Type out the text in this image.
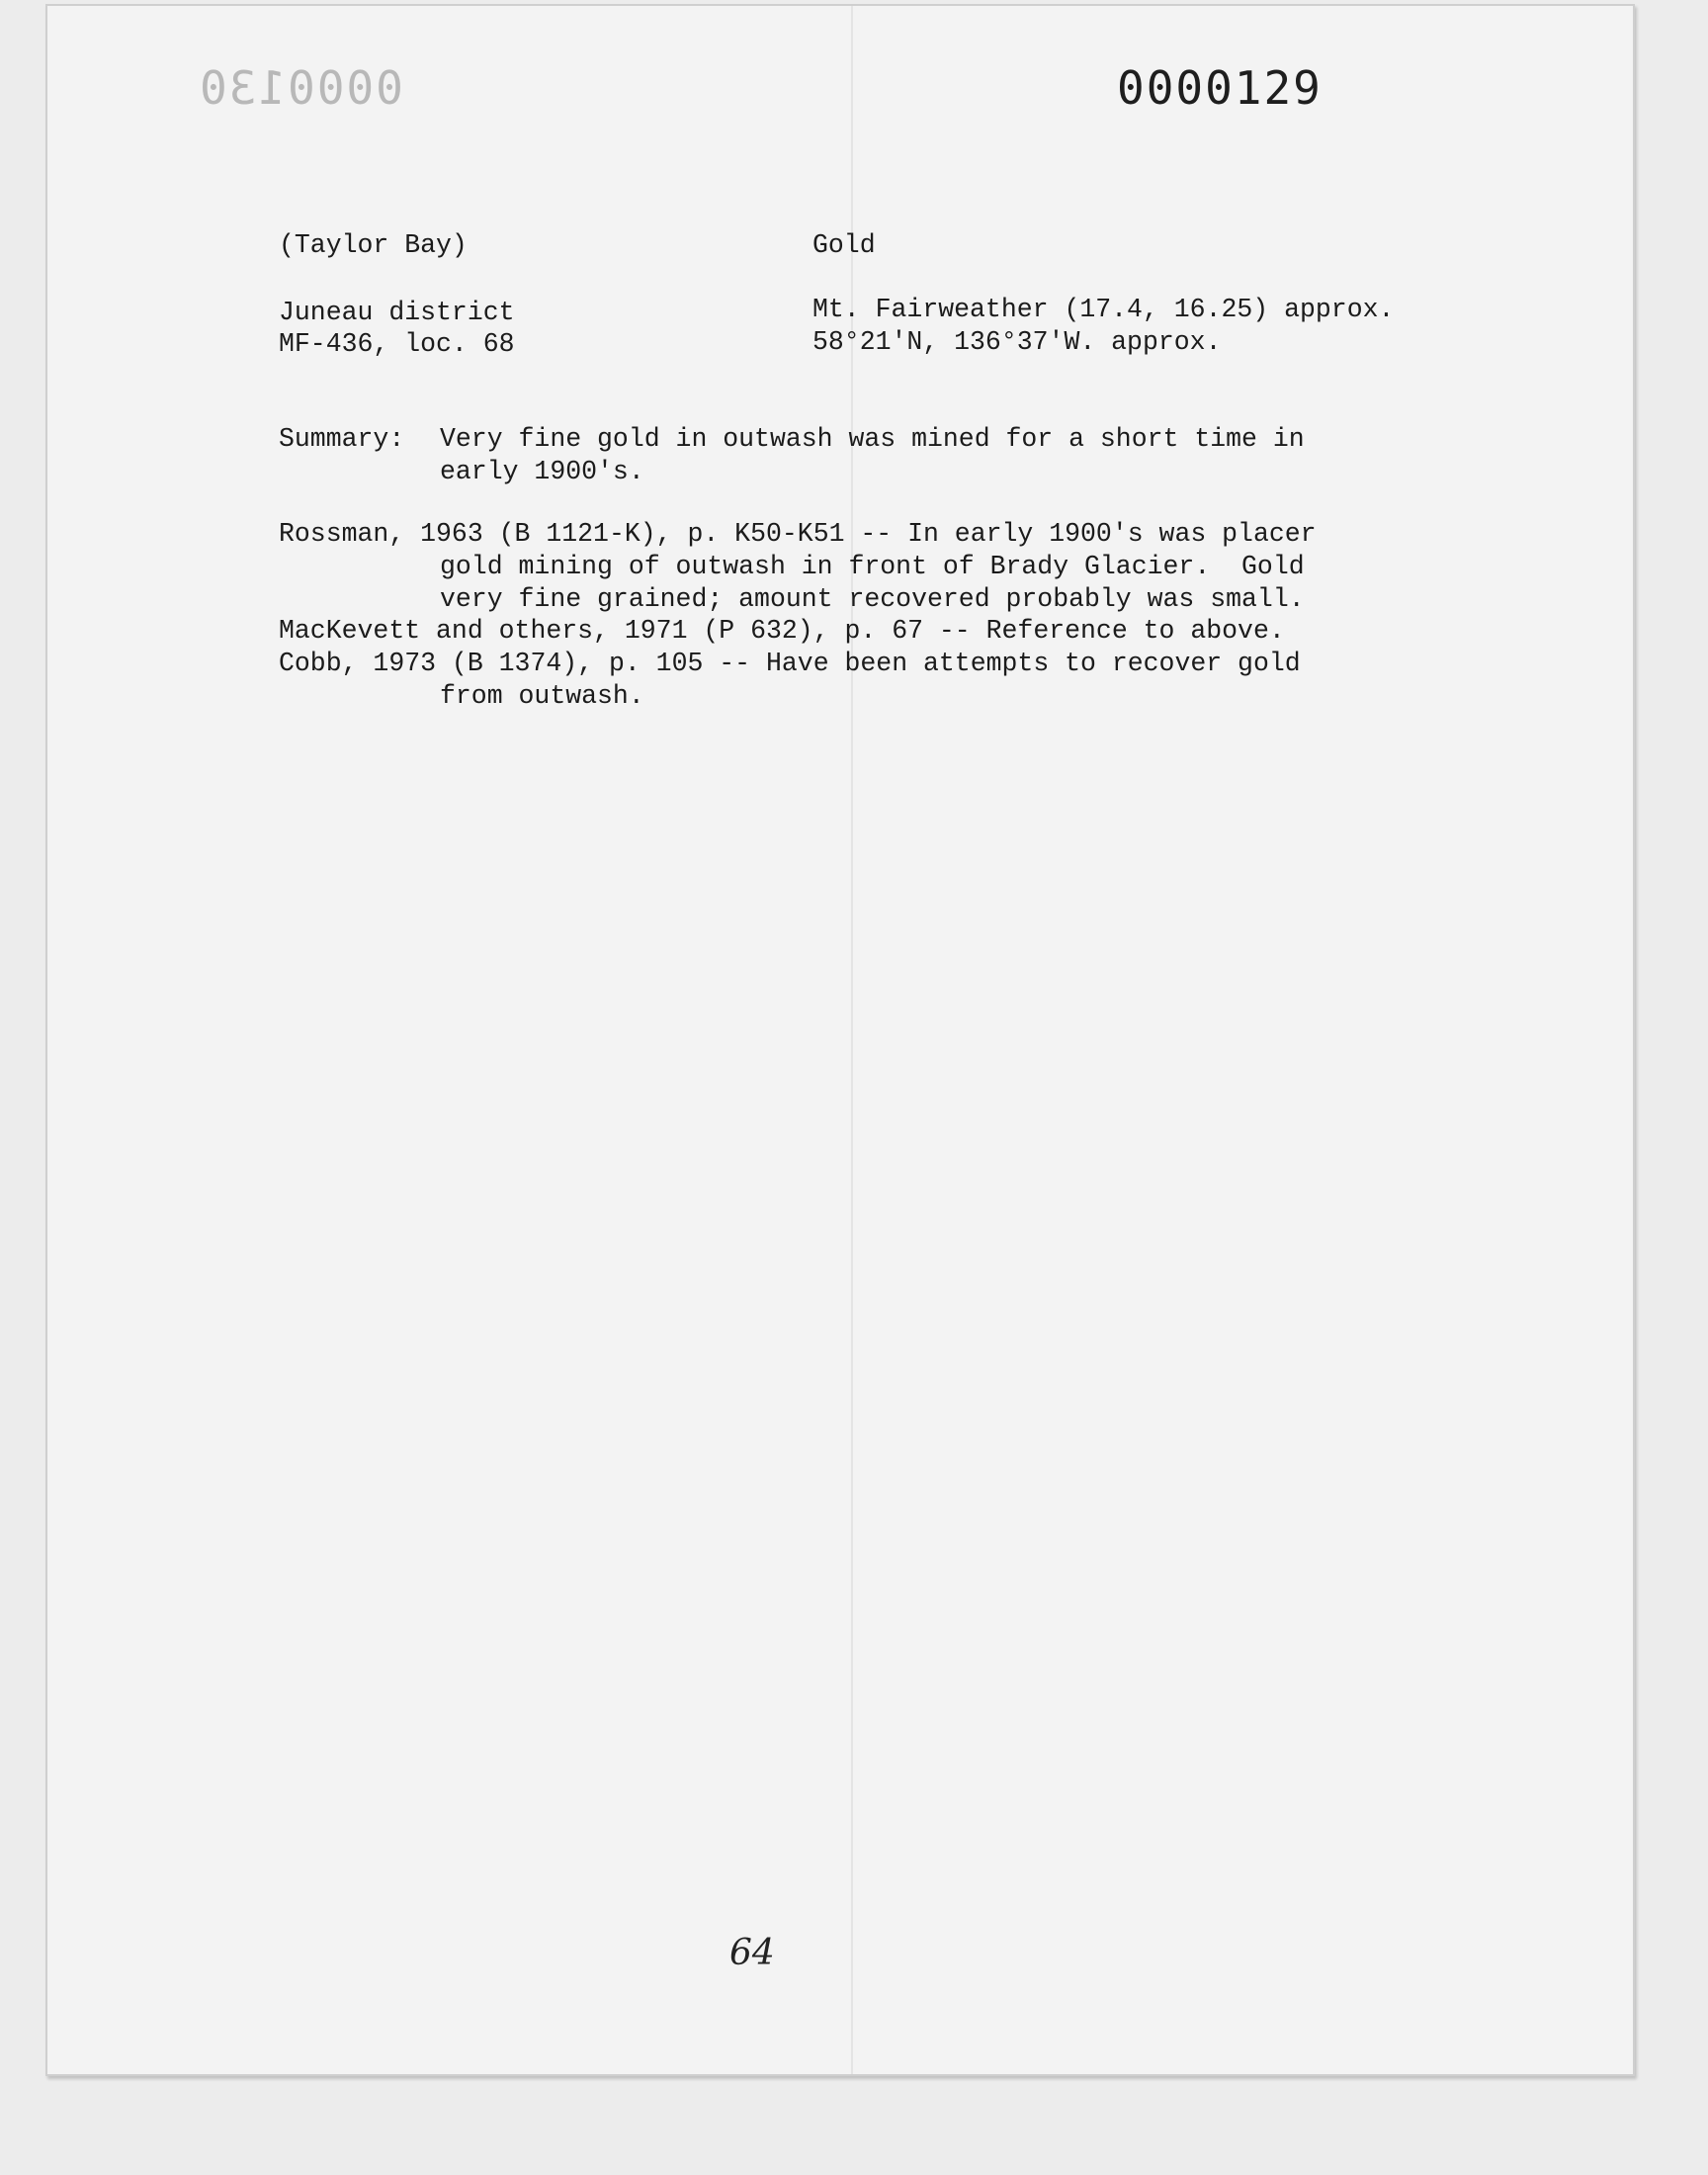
0000130	0000129
(Taylor Bay)	Gold
Juneau district	Mt. Fairweather (17.4, 16.25) approx.
MF-436, loc. 68	58°21'N, 136°37'W. approx.
Summary: Very fine gold in outwash was mined for a short time in
early 1900's.
Rossman, 1963 (B 1121-K), p. K50-K51 -- In early 1900's was placer
gold mining of outwash in front of Brady Glacier.  Gold
very fine grained; amount recovered probably was small.
MacKevett and others, 1971 (P 632), p. 67 -- Reference to above.
Cobb, 1973 (B 1374), p. 105 -- Have been attempts to recover gold
from outwash.
64
